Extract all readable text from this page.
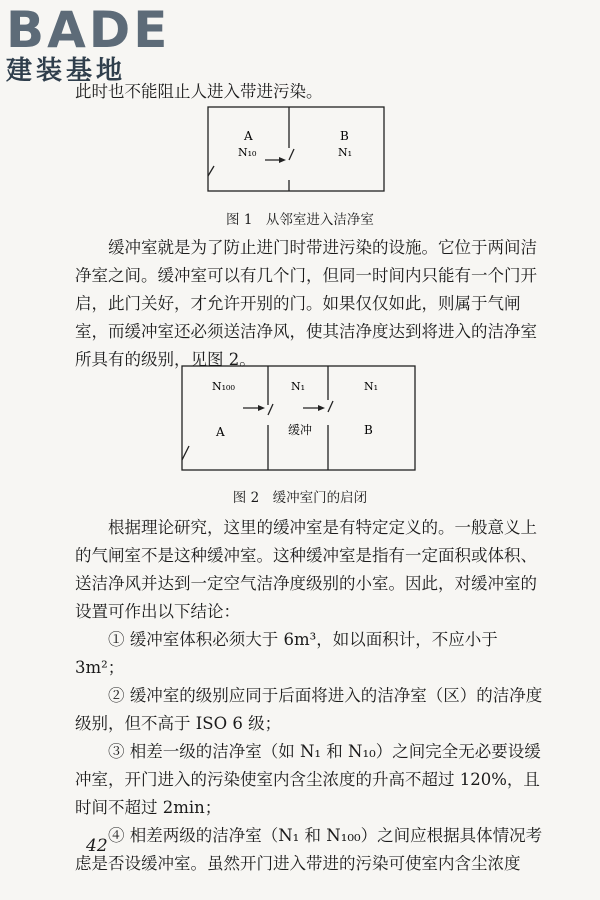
BADE
建装基地
此时也不能阻止人进入带进污染。
A
N₁₀
B
N₁
N₁₀₀
A
N₁
缓冲
N₁
B
图 1　从邻室进入洁净室

缓冲室就是为了防止进门时带进污染的设施。它位于两间洁净室之间。缓冲室可以有几个门，但同一时间内只能有一个门开启，此门关好，才允许开别的门。如果仅仅如此，则属于气闸室，而缓冲室还必须送洁净风，使其洁净度达到将进入的洁净室所具有的级别，见图 2。

图 2　缓冲室门的启闭

根据理论研究，这里的缓冲室是有特定定义的。一般意义上的气闸室不是这种缓冲室。这种缓冲室是指有一定面积或体积、送洁净风并达到一定空气洁净度级别的小室。因此，对缓冲室的设置可作出以下结论：

① 缓冲室体积必须大于 6m³，如以面积计，不应小于 3m²；

② 缓冲室的级别应同于后面将进入的洁净室（区）的洁净度级别，但不高于 ISO 6 级；

③ 相差一级的洁净室（如 N₁ 和 N₁₀）之间完全无必要设缓冲室，开门进入的污染使室内含尘浓度的升高不超过 120%，且时间不超过 2min；

④ 相差两级的洁净室（N₁ 和 N₁₀₀）之间应根据具体情况考虑是否设缓冲室。虽然开门进入带进的污染可使室内含尘浓度

42
